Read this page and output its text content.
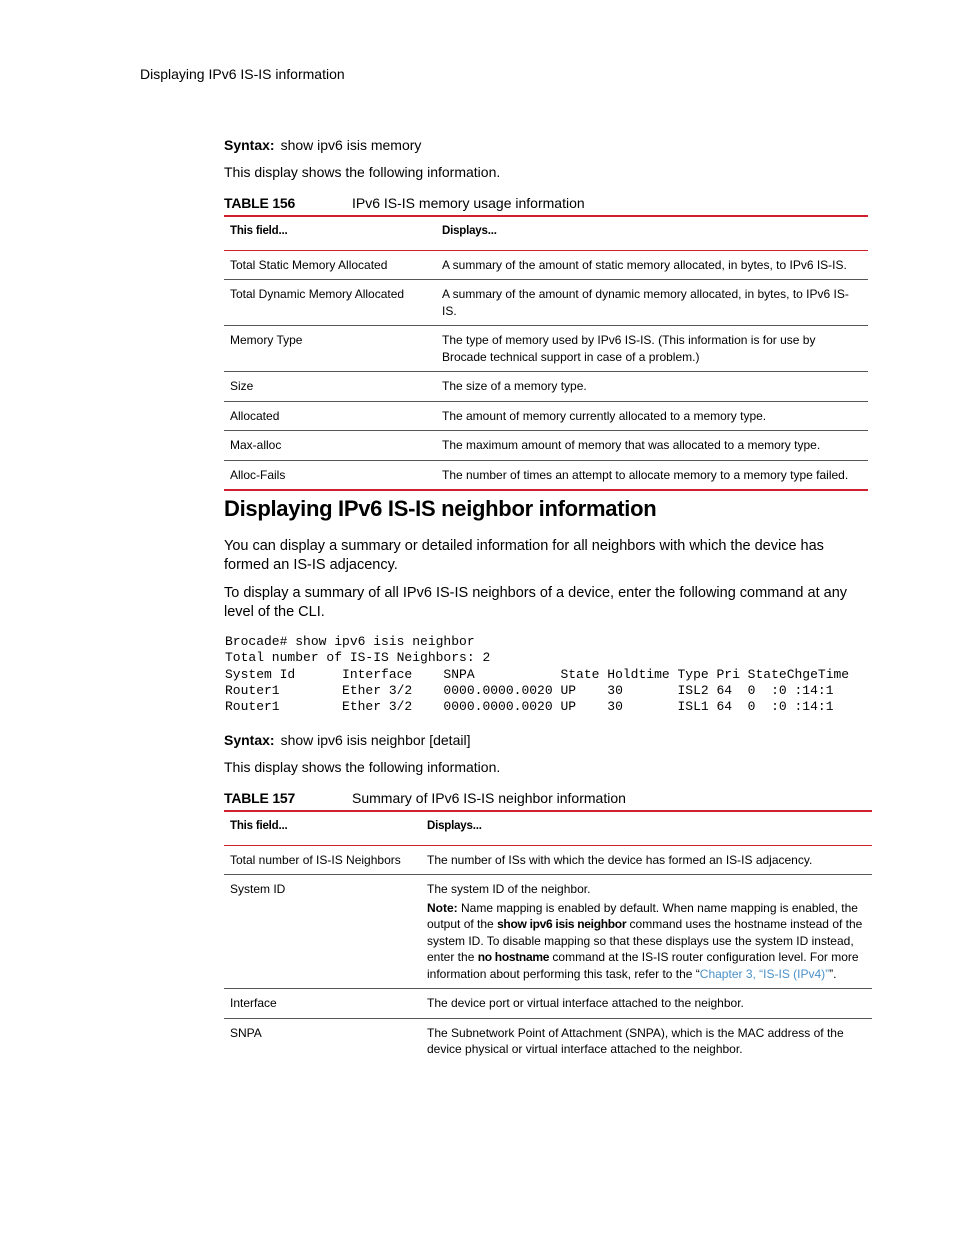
Displaying IPv6 IS-IS information
Syntax: show ipv6 isis memory
This display shows the following information.
TABLE 156	IPv6 IS-IS memory usage information
This field...	Displays...
Total Static Memory Allocated	A summary of the amount of static memory allocated, in bytes, to IPv6 IS-IS.
Total Dynamic Memory Allocated	A summary of the amount of dynamic memory allocated, in bytes, to IPv6 IS-IS.
Memory Type	The type of memory used by IPv6 IS-IS. (This information is for use by Brocade technical support in case of a problem.)
Size	The size of a memory type.
Allocated	The amount of memory currently allocated to a memory type.
Max-alloc	The maximum amount of memory that was allocated to a memory type.
Alloc-Fails	The number of times an attempt to allocate memory to a memory type failed.
Displaying IPv6 IS-IS neighbor information
You can display a summary or detailed information for all neighbors with which the device has formed an IS-IS adjacency.
To display a summary of all IPv6 IS-IS neighbors of a device, enter the following command at any level of the CLI.
Brocade# show ipv6 isis neighbor
Total number of IS-IS Neighbors: 2
System Id      Interface    SNPA           State Holdtime Type Pri StateChgeTime
Router1        Ether 3/2    0000.0000.0020 UP    30       ISL2 64  0  :0 :14:1
Router1        Ether 3/2    0000.0000.0020 UP    30       ISL1 64  0  :0 :14:1
Syntax: show ipv6 isis neighbor [detail]
This display shows the following information.
TABLE 157	Summary of IPv6 IS-IS neighbor information
This field...	Displays...
Total number of IS-IS Neighbors	The number of ISs with which the device has formed an IS-IS adjacency.
System ID	The system ID of the neighbor.
Note: Name mapping is enabled by default. When name mapping is enabled, the output of the show ipv6 isis neighbor command uses the hostname instead of the system ID. To disable mapping so that these displays use the system ID instead, enter the no hostname command at the IS-IS router configuration level. For more information about performing this task, refer to the “Chapter 3, “IS-IS (IPv4)””.

Interface	The device port or virtual interface attached to the neighbor.
SNPA	The Subnetwork Point of Attachment (SNPA), which is the MAC address of the device physical or virtual interface attached to the neighbor.
